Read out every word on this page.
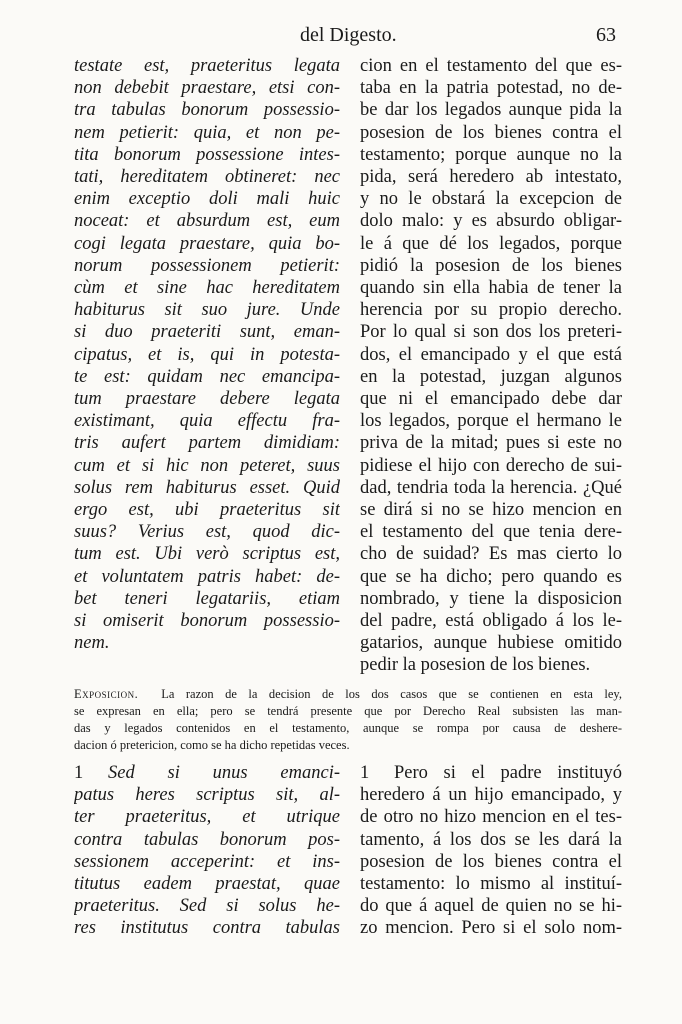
del Digesto.	63
testate est, praeteritus legata
non debebit praestare, etsi con-
tra tabulas bonorum possessio-
nem petierit: quia, et non pe-
tita bonorum possessione intes-
tati, hereditatem obtineret: nec
enim exceptio doli mali huic
noceat: et absurdum est, eum
cogi legata praestare, quia bo-
norum possessionem petierit:
cùm et sine hac hereditatem
habiturus sit suo jure. Unde
si duo praeteriti sunt, eman-
cipatus, et is, qui in potesta-
te est: quidam nec emancipa-
tum praestare debere legata
existimant, quia effectu fra-
tris aufert partem dimidiam:
cum et si hic non peteret, suus
solus rem habiturus esset. Quid
ergo est, ubi praeteritus sit
suus? Verius est, quod dic-
tum est. Ubi verò scriptus est,
et voluntatem patris habet: de-
bet teneri legatariis, etiam
si omiserit bonorum possessio-
nem.
cion en el testamento del que es-
taba en la patria potestad, no de-
be dar los legados aunque pida la
posesion de los bienes contra el
testamento; porque aunque no la
pida, será heredero ab intestato,
y no le obstará la excepcion de
dolo malo: y es absurdo obligar-
le á que dé los legados, porque
pidió la posesion de los bienes
quando sin ella habia de tener la
herencia por su propio derecho.
Por lo qual si son dos los preteri-
dos, el emancipado y el que está
en la potestad, juzgan algunos
que ni el emancipado debe dar
los legados, porque el hermano le
priva de la mitad; pues si este no
pidiese el hijo con derecho de sui-
dad, tendria toda la herencia. ¿Qué
se dirá si no se hizo mencion en
el testamento del que tenia dere-
cho de suidad? Es mas cierto lo
que se ha dicho; pero quando es
nombrado, y tiene la disposicion
del padre, está obligado á los le-
gatarios, aunque hubiese omitido
pedir la posesion de los bienes.
Exposicion. La razon de la decision de los dos casos que se contienen en esta ley,
se expresan en ella; pero se tendrá presente que por Derecho Real subsisten las man-
das y legados contenidos en el testamento, aunque se rompa por causa de deshere-
dacion ó pretericion, como se ha dicho repetidas veces.
1 Sed si unus emanci-
patus heres scriptus sit, al-
ter praeteritus, et utrique
contra tabulas bonorum pos-
sessionem acceperint: et ins-
titutus eadem praestat, quae
praeteritus. Sed si solus he-
res institutus contra tabulas
1 Pero si el padre instituyó
heredero á un hijo emancipado, y
de otro no hizo mencion en el tes-
tamento, á los dos se les dará la
posesion de los bienes contra el
testamento: lo mismo al instituí-
do que á aquel de quien no se hi-
zo mencion. Pero si el solo nom-
